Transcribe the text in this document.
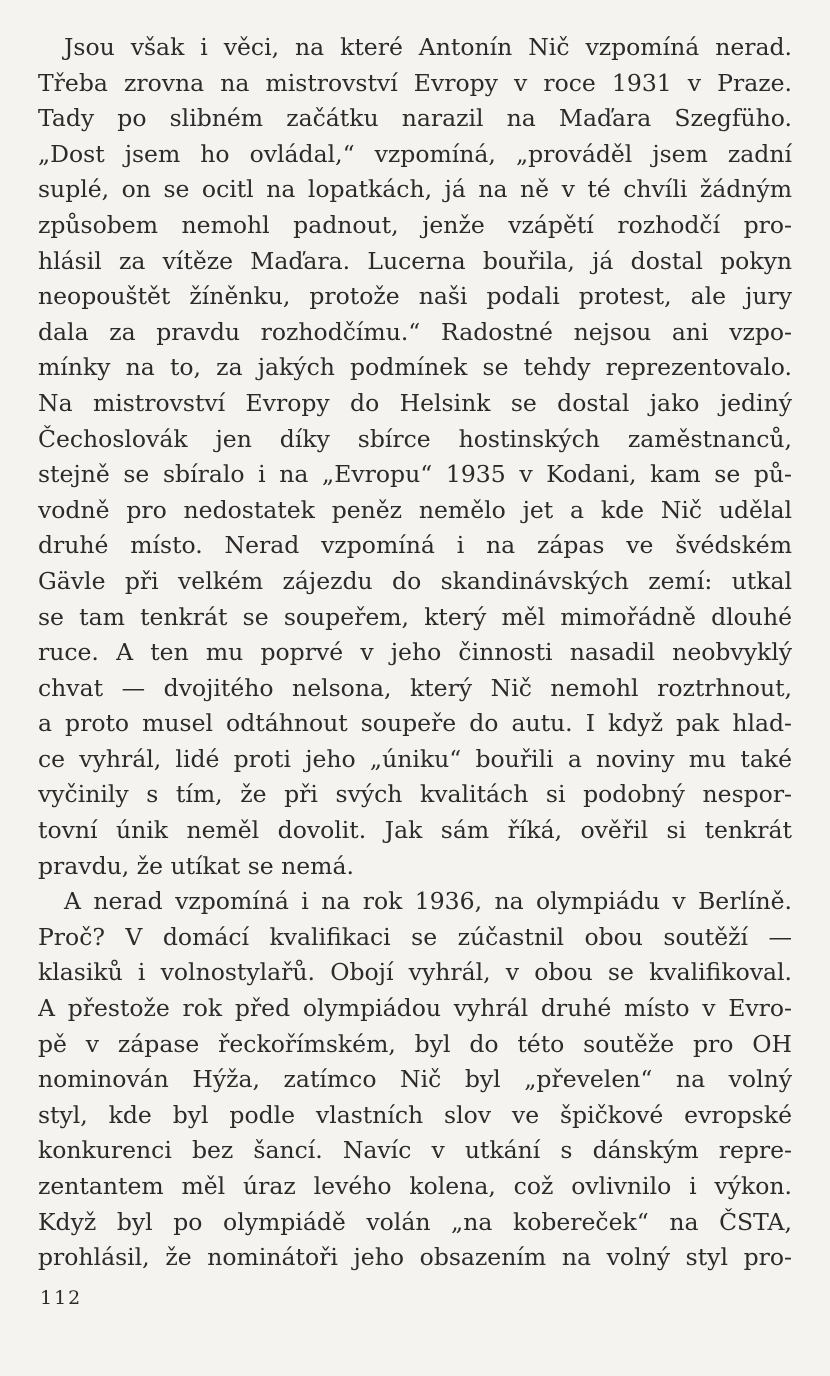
Jsou však i věci, na které Antonín Nič vzpomíná nerad.
Třeba zrovna na mistrovství Evropy v roce 1931 v Praze.
Tady po slibném začátku narazil na Maďara Szegfüho.
„Dost jsem ho ovládal,“ vzpomíná, „prováděl jsem zadní
suplé, on se ocitl na lopatkách, já na ně v té chvíli žádným
způsobem nemohl padnout, jenže vzápětí rozhodčí pro-
hlásil za vítěze Maďara. Lucerna bouřila, já dostal pokyn
neopouštět žíněnku, protože naši podali protest, ale jury
dala za pravdu rozhodčímu.“ Radostné nejsou ani vzpo-
mínky na to, za jakých podmínek se tehdy reprezentovalo.
Na mistrovství Evropy do Helsink se dostal jako jediný
Čechoslovák jen díky sbírce hostinských zaměstnanců,
stejně se sbíralo i na „Evropu“ 1935 v Kodani, kam se pů-
vodně pro nedostatek peněz nemělo jet a kde Nič udělal
druhé místo. Nerad vzpomíná i na zápas ve švédském
Gävle při velkém zájezdu do skandinávských zemí: utkal
se tam tenkrát se soupeřem, který měl mimořádně dlouhé
ruce. A ten mu poprvé v jeho činnosti nasadil neobvyklý
chvat — dvojitého nelsona, který Nič nemohl roztrhnout,
a proto musel odtáhnout soupeře do autu. I když pak hlad-
ce vyhrál, lidé proti jeho „úniku“ bouřili a noviny mu také
vyčinily s tím, že při svých kvalitách si podobný nespor-
tovní únik neměl dovolit. Jak sám říká, ověřil si tenkrát
pravdu, že utíkat se nemá.
A nerad vzpomíná i na rok 1936, na olympiádu v Berlíně.
Proč? V domácí kvalifikaci se zúčastnil obou soutěží —
klasiků i volnostylařů. Obojí vyhrál, v obou se kvalifikoval.
A přestože rok před olympiádou vyhrál druhé místo v Evro-
pě v zápase řeckořímském, byl do této soutěže pro OH
nominován Hýža, zatímco Nič byl „převelen“ na volný
styl, kde byl podle vlastních slov ve špičkové evropské
konkurenci bez šancí. Navíc v utkání s dánským repre-
zentantem měl úraz levého kolena, což ovlivnilo i výkon.
Když byl po olympiádě volán „na kobereček“ na ČSTA,
prohlásil, že nominátoři jeho obsazením na volný styl pro-
112
